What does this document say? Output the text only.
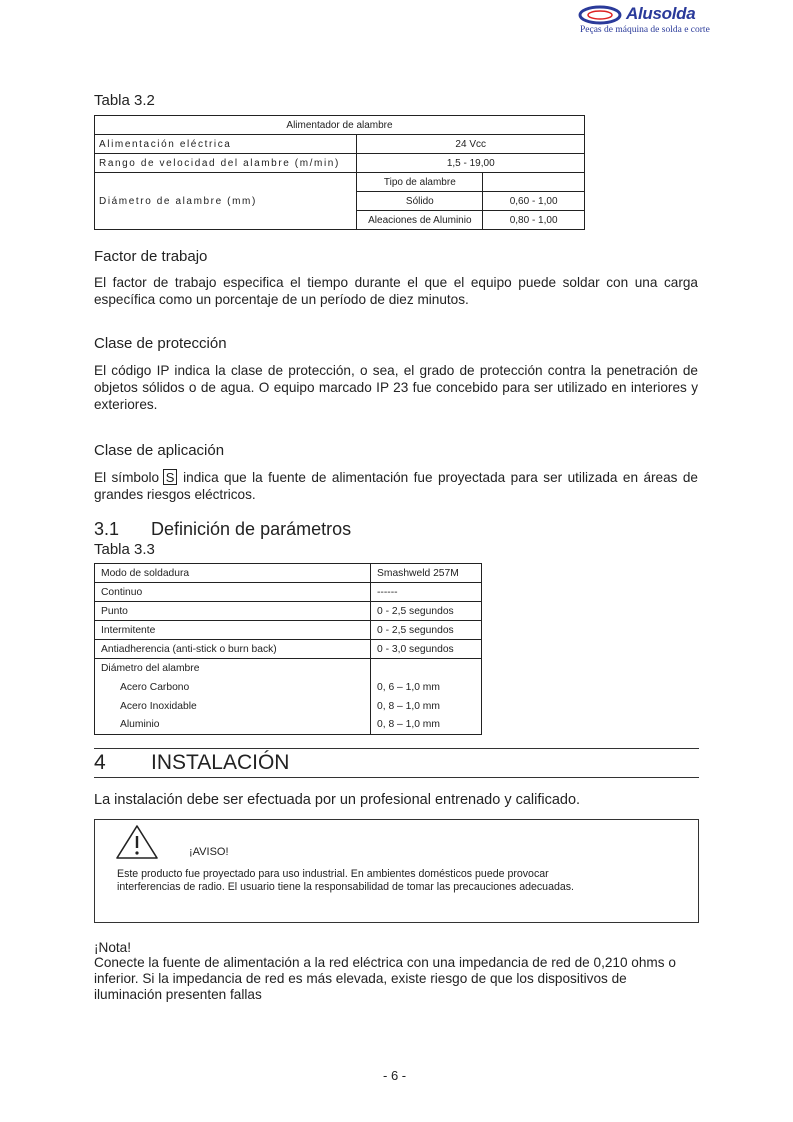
Alusolda
Peças de máquina de solda e corte
Tabla 3.2
Alimentador de alambre		
Alimentación eléctrica	24 Vcc	
Rango de velocidad del alambre (m/min)	1,5 - 19,00	
Diámetro de alambre (mm)	Tipo de alambre	
	Sólido	0,60 - 1,00
	Aleaciones de Aluminio	0,80 - 1,00
Factor de trabajo
El factor de trabajo especifica el tiempo durante el que el equipo puede soldar con una carga específica como un porcentaje de un período de diez minutos.
Clase de protección
El código IP indica la clase de protección, o sea, el grado de protección contra la penetración de objetos sólidos o de agua. O equipo marcado IP 23 fue concebido para ser utilizado en interiores y exteriores.
Clase de aplicación
El símbolo S indica que la fuente de alimentación fue proyectada para ser utilizada en áreas de grandes riesgos eléctricos.
3.1 Definición de parámetros
Tabla 3.3
Modo de soldadura	Smashweld 257M
Continuo	------
Punto	0 - 2,5 segundos
Intermitente	0 - 2,5 segundos
Antiadherencia (anti-stick o burn back)	0 - 3,0 segundos
Diámetro del alambre	
Acero Carbono	0, 6 – 1,0 mm
Acero Inoxidable	0, 8 – 1,0 mm
Aluminio	0, 8 – 1,0 mm
4 INSTALACIÓN
La instalación debe ser efectuada por un profesional entrenado y calificado.
¡AVISO!
Este producto fue proyectado para uso industrial. En ambientes domésticos puede provocar
interferencias de radio. El usuario tiene la responsabilidad de tomar las precauciones adecuadas.
¡Nota!
Conecte la fuente de alimentación a la red eléctrica con una impedancia de red de 0,210 ohms o
inferior. Si la impedancia de red es más elevada, existe riesgo de que los dispositivos de
iluminación presenten fallas
- 6 -
